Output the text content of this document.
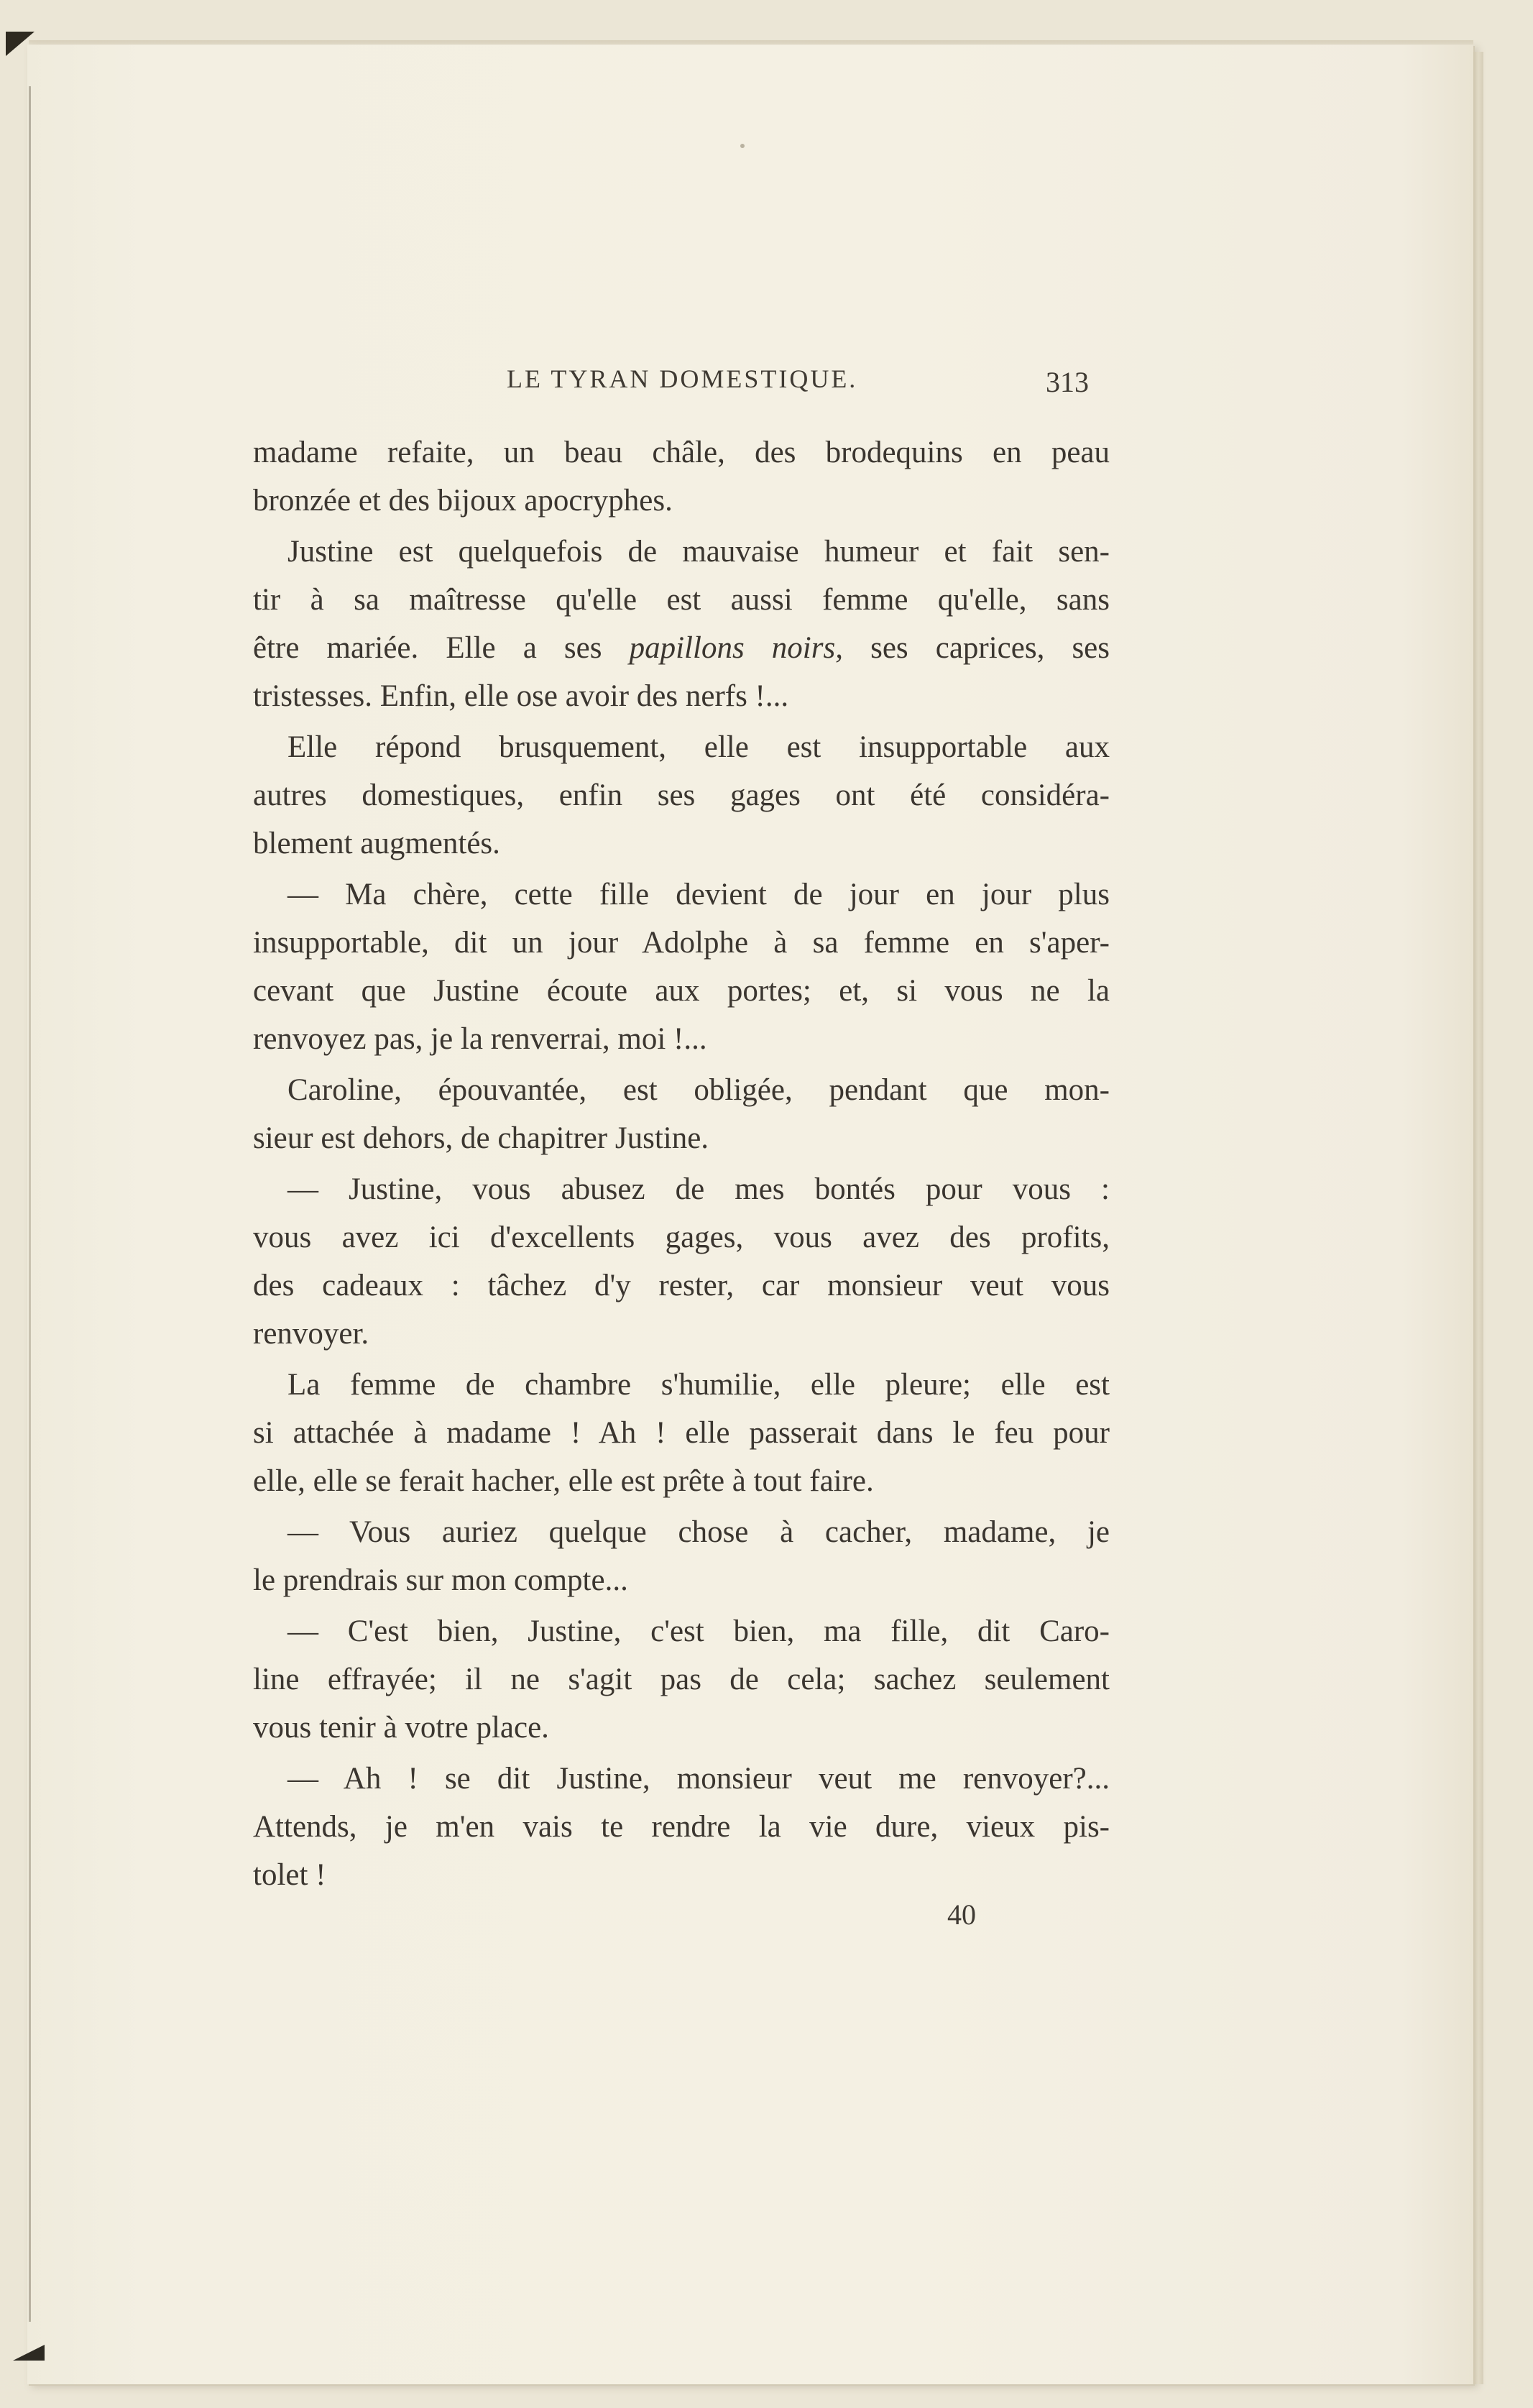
LE TYRAN DOMESTIQUE.	313
madame refaite, un beau châle, des brodequins en peau
bronzée et des bijoux apocryphes.
Justine est quelquefois de mauvaise humeur et fait sen-
tir à sa maîtresse qu'elle est aussi femme qu'elle, sans
être mariée. Elle a ses papillons noirs, ses caprices, ses
tristesses. Enfin, elle ose avoir des nerfs !...
Elle répond brusquement, elle est insupportable aux
autres domestiques, enfin ses gages ont été considéra-
blement augmentés.
— Ma chère, cette fille devient de jour en jour plus
insupportable, dit un jour Adolphe à sa femme en s'aper-
cevant que Justine écoute aux portes; et, si vous ne la
renvoyez pas, je la renverrai, moi !...
Caroline, épouvantée, est obligée, pendant que mon-
sieur est dehors, de chapitrer Justine.
— Justine, vous abusez de mes bontés pour vous :
vous avez ici d'excellents gages, vous avez des profits,
des cadeaux : tâchez d'y rester, car monsieur veut vous
renvoyer.
La femme de chambre s'humilie, elle pleure; elle est
si attachée à madame ! Ah ! elle passerait dans le feu pour
elle, elle se ferait hacher, elle est prête à tout faire.
— Vous auriez quelque chose à cacher, madame, je
le prendrais sur mon compte...
— C'est bien, Justine, c'est bien, ma fille, dit Caro-
line effrayée; il ne s'agit pas de cela; sachez seulement
vous tenir à votre place.
— Ah ! se dit Justine, monsieur veut me renvoyer?...
Attends, je m'en vais te rendre la vie dure, vieux pis-
tolet !
40
